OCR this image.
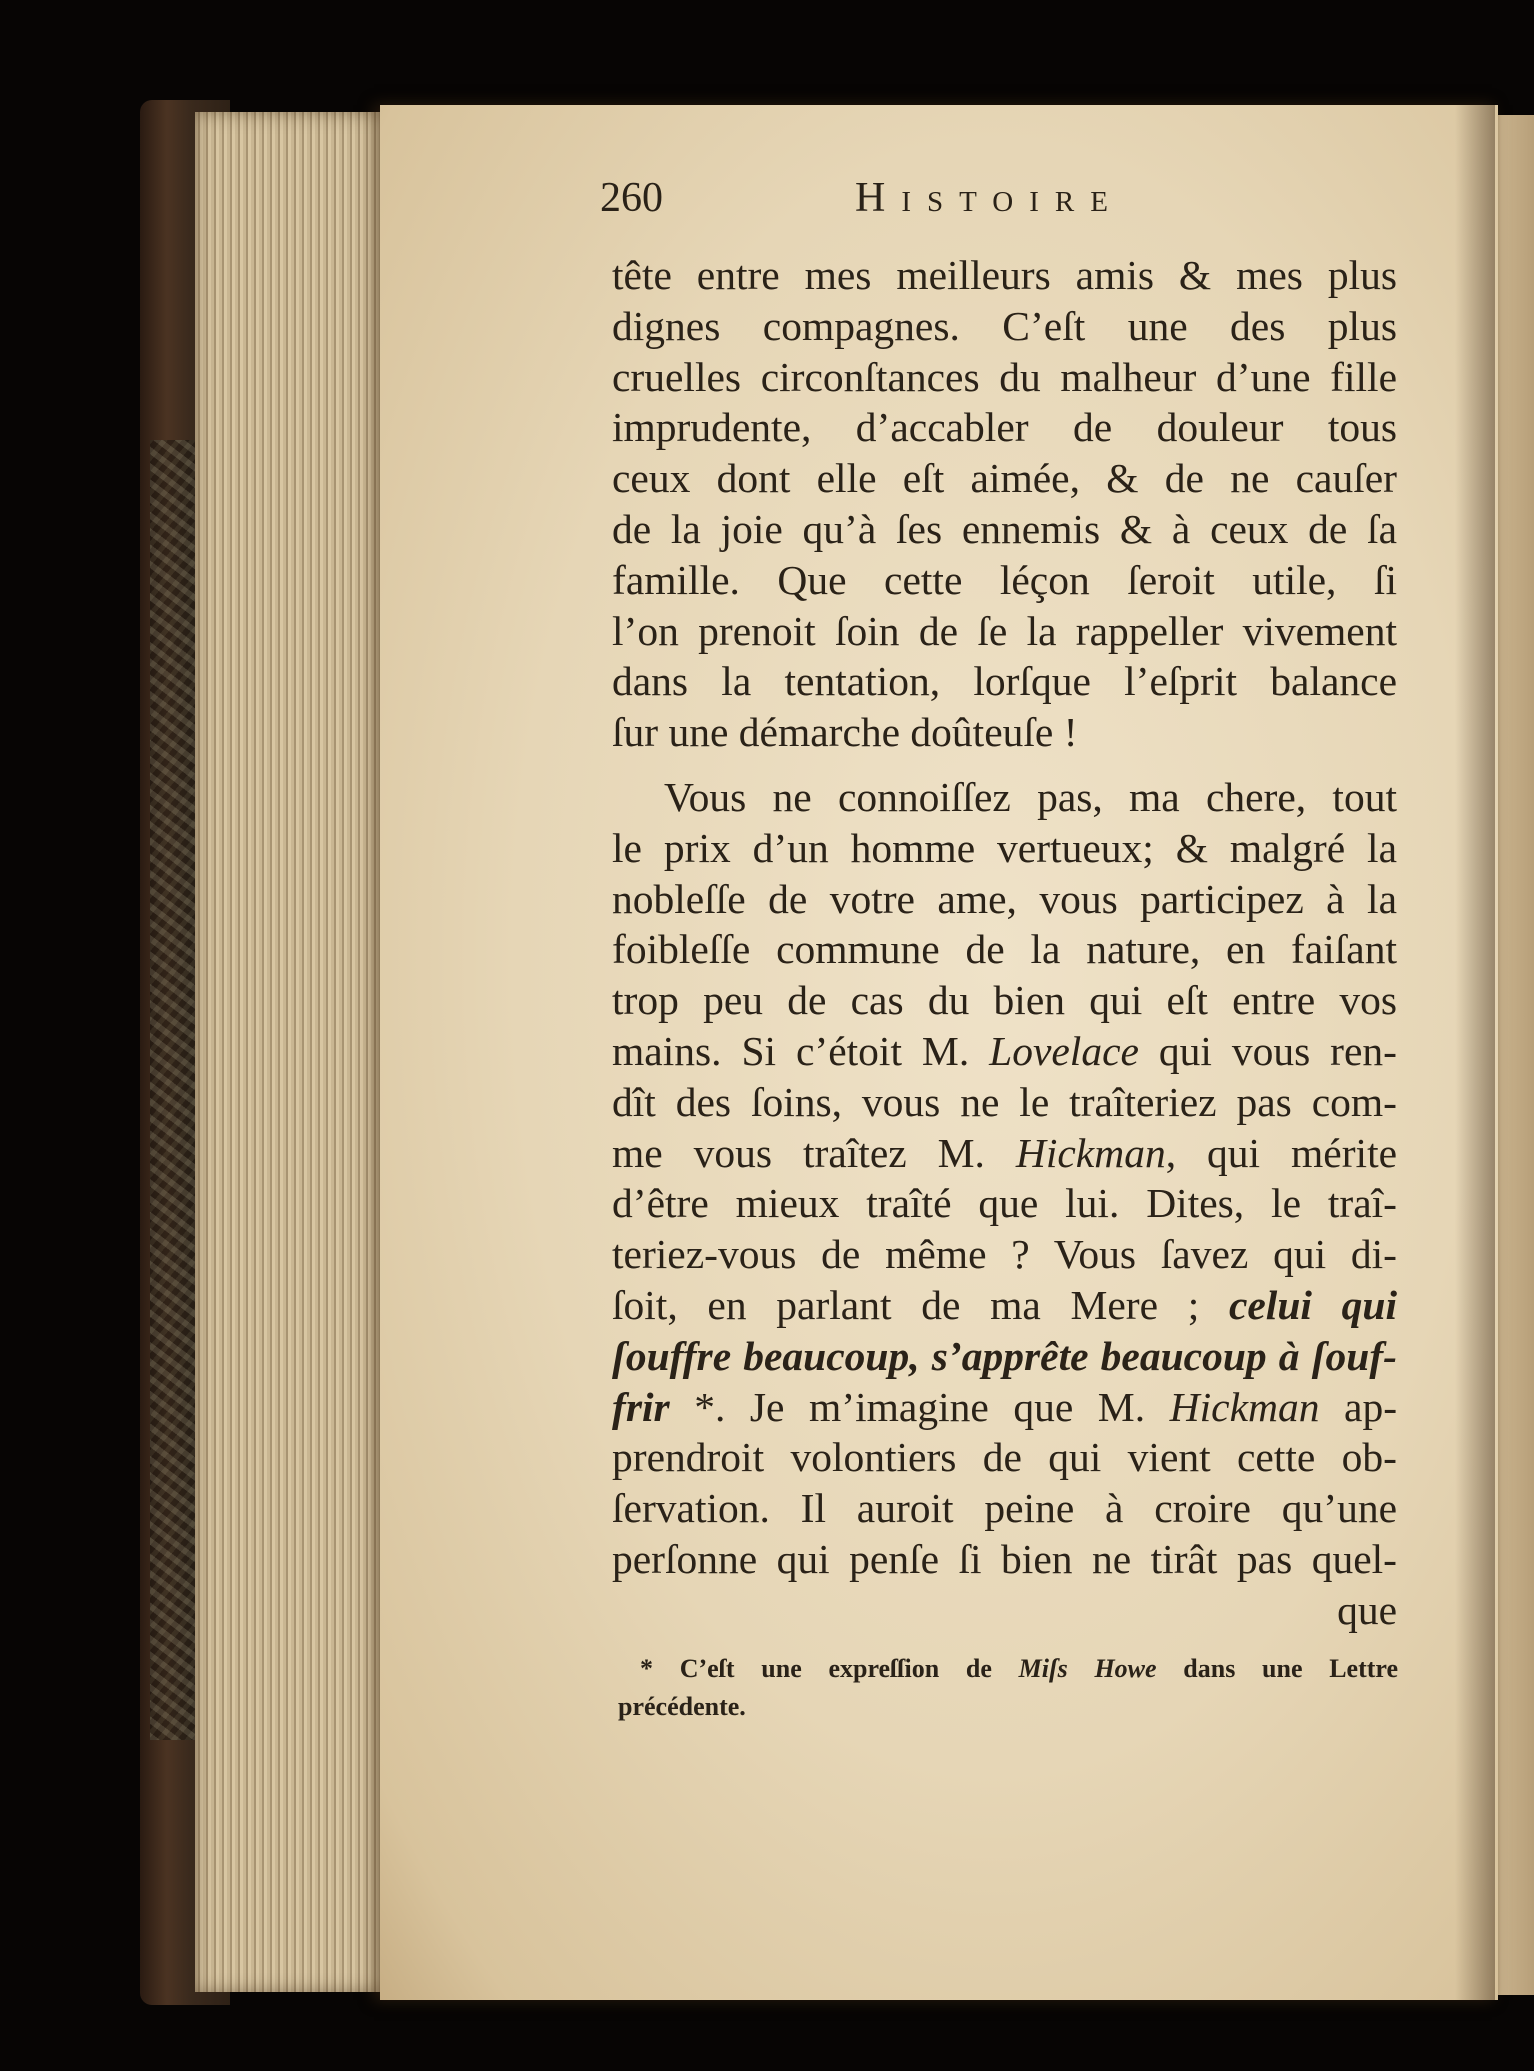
260	Histoire
tête entre mes meilleurs amis & mes plus
dignes compagnes. C’eſt une des plus
cruelles circonſtances du malheur d’une fille
imprudente, d’accabler de douleur tous
ceux dont elle eſt aimée, & de ne cauſer
de la joie qu’à ſes ennemis & à ceux de ſa
famille. Que cette léçon ſeroit utile, ſi
l’on prenoit ſoin de ſe la rappeller vivement
dans la tentation, lorſque l’eſprit balance
ſur une démarche doûteuſe !
Vous ne connoiſſez pas, ma chere, tout
le prix d’un homme vertueux; & malgré la
nobleſſe de votre ame, vous participez à la
foibleſſe commune de la nature, en faiſant
trop peu de cas du bien qui eſt entre vos
mains. Si c’étoit M. Lovelace qui vous ren-
dît des ſoins, vous ne le traîteriez pas com-
me vous traîtez M. Hickman, qui mérite
d’être mieux traîté que lui. Dites, le traî-
teriez-vous de même ? Vous ſavez qui di-
ſoit, en parlant de ma Mere ; celui qui
ſouffre beaucoup, s’apprête beaucoup à ſouf-
frir *. Je m’imagine que M. Hickman ap-
prendroit volontiers de qui vient cette ob-
ſervation. Il auroit peine à croire qu’une
perſonne qui penſe ſi bien ne tirât pas quel-
que
* C’eſt une expreſſion de Miſs Howe dans une Lettre
précédente.
